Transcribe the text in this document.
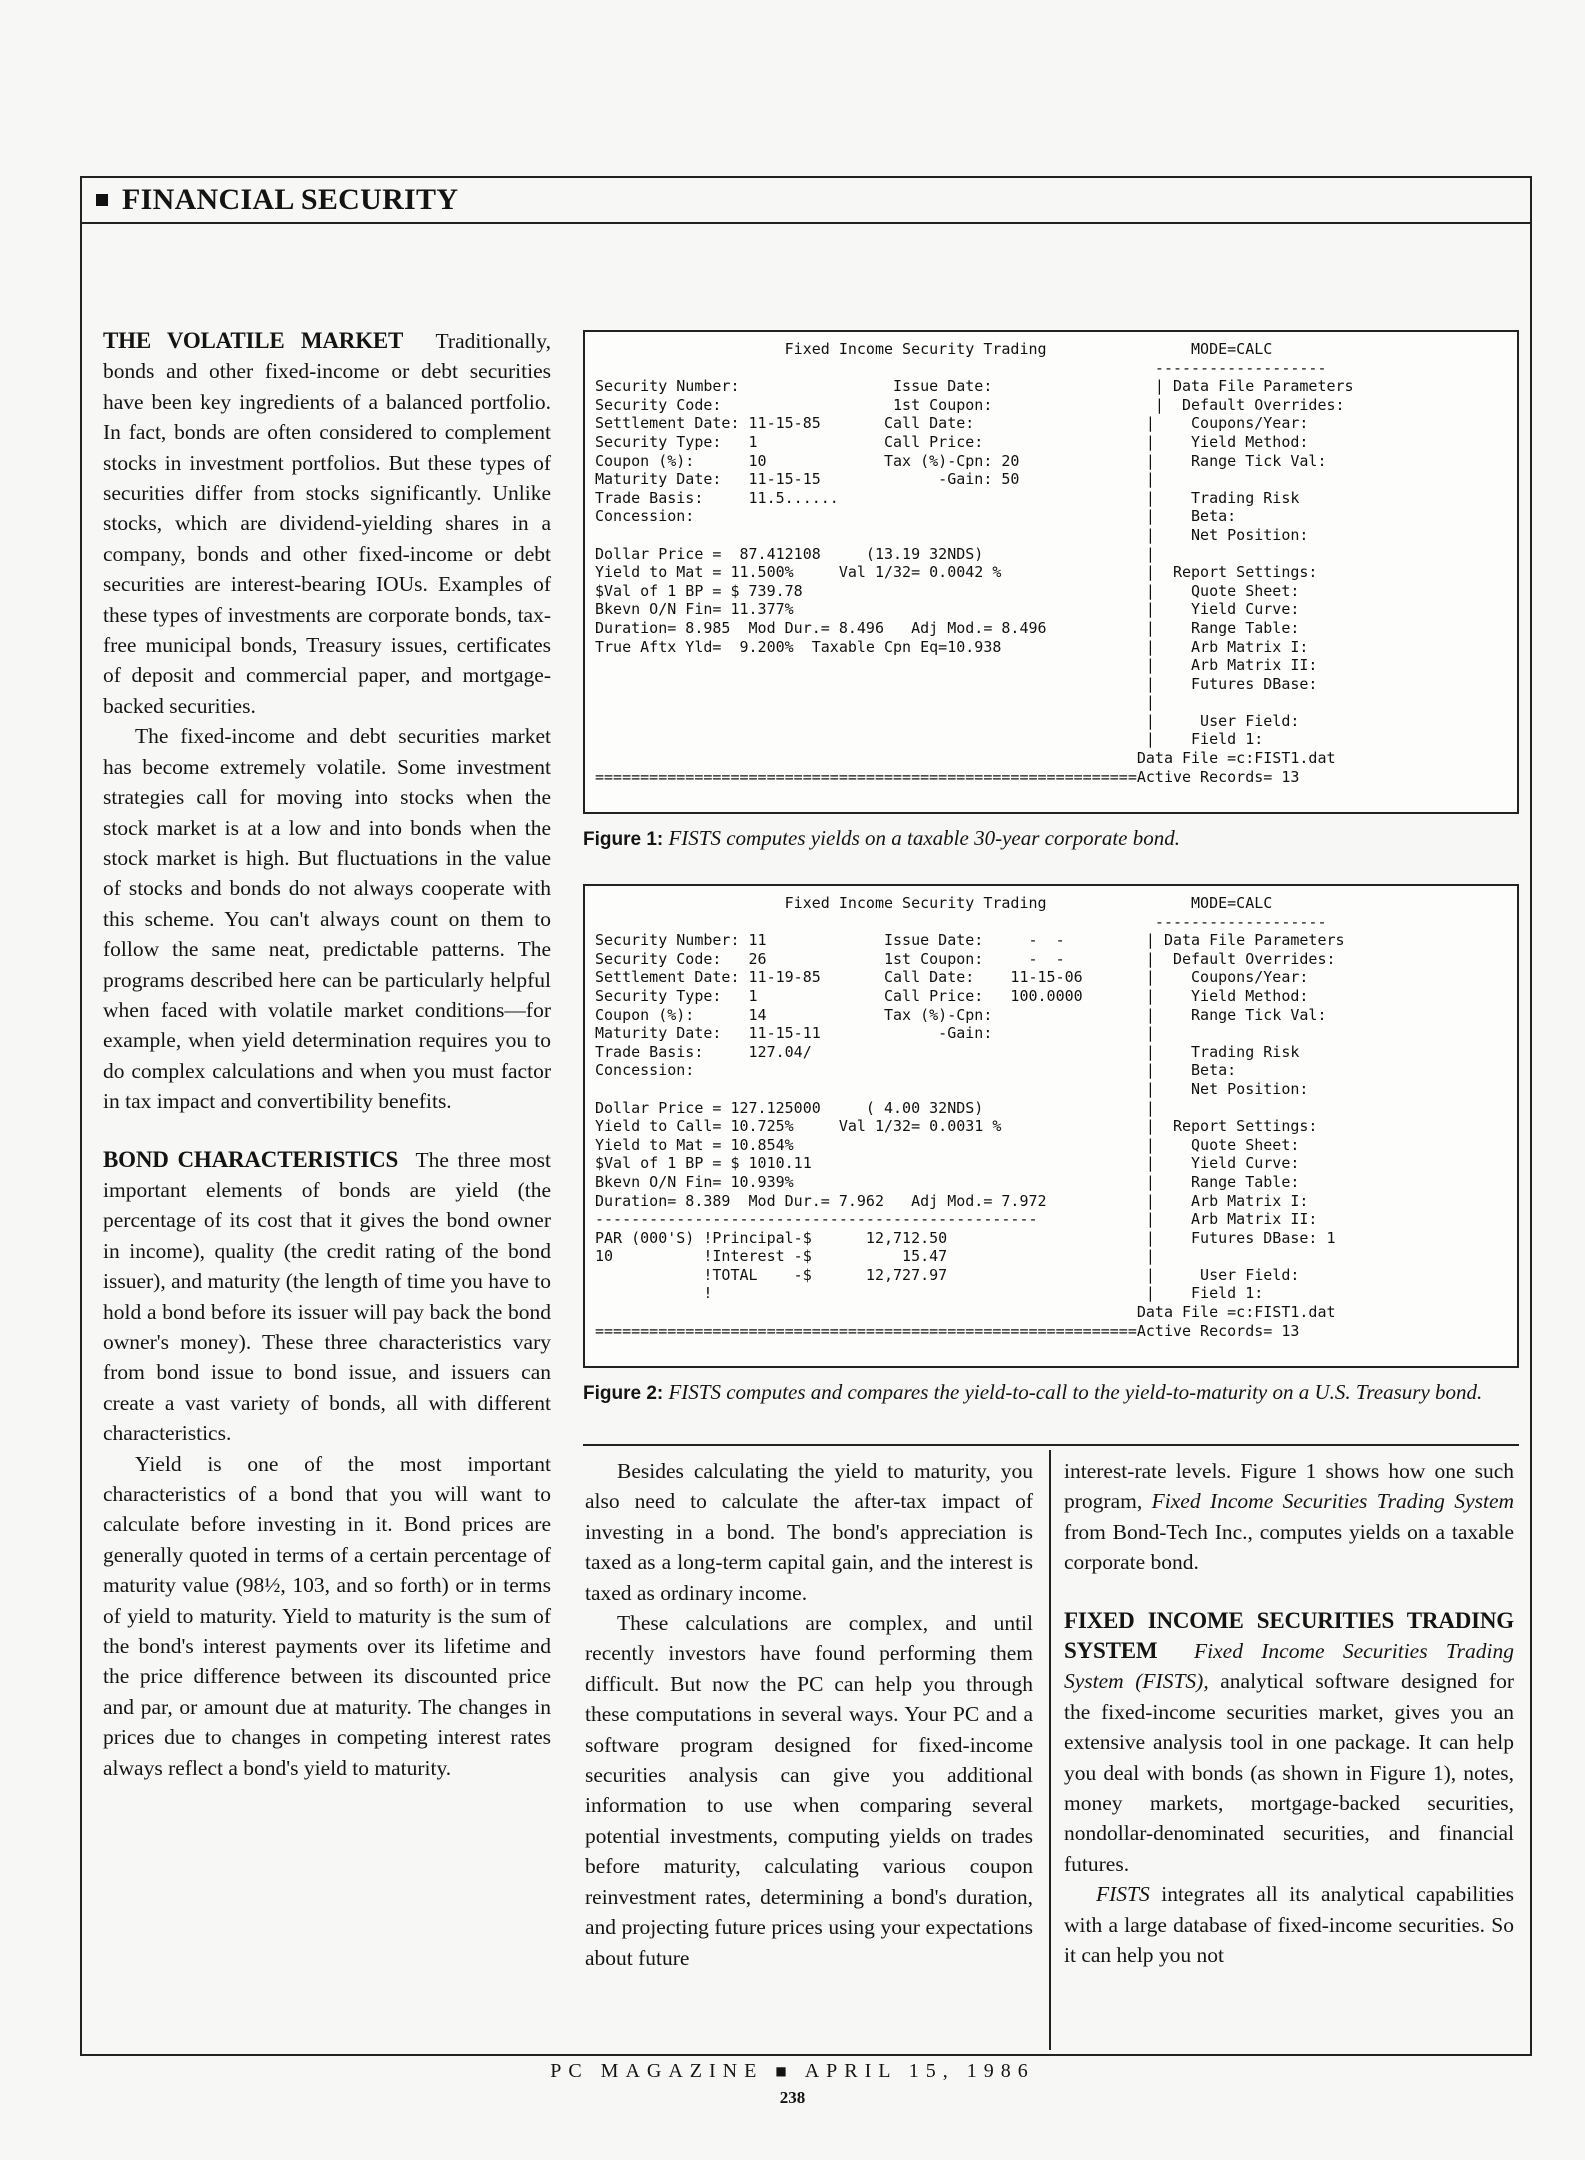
FINANCIAL SECURITY

THE VOLATILE MARKET Traditionally, bonds and other fixed-income or debt securities have been key ingredients of a balanced portfolio. In fact, bonds are often considered to complement stocks in investment portfolios. But these types of securities differ from stocks significantly. Unlike stocks, which are dividend-yielding shares in a company, bonds and other fixed-income or debt securities are interest-bearing IOUs. Examples of these types of investments are corporate bonds, tax-free municipal bonds, Treasury issues, certificates of deposit and commercial paper, and mortgage-backed securities.

The fixed-income and debt securities market has become extremely volatile. Some investment strategies call for moving into stocks when the stock market is at a low and into bonds when the stock market is high. But fluctuations in the value of stocks and bonds do not always cooperate with this scheme. You can't always count on them to follow the same neat, predictable patterns. The programs described here can be particularly helpful when faced with volatile market conditions—for example, when yield determination requires you to do complex calculations and when you must factor in tax impact and convertibility benefits.

BOND CHARACTERISTICS The three most important elements of bonds are yield (the percentage of its cost that it gives the bond owner in income), quality (the credit rating of the bond issuer), and maturity (the length of time you have to hold a bond before its issuer will pay back the bond owner's money). These three characteristics vary from bond issue to bond issue, and issuers can create a vast variety of bonds, all with different characteristics.

Yield is one of the most important characteristics of a bond that you will want to calculate before investing in it. Bond prices are generally quoted in terms of a certain percentage of maturity value (98½, 103, and so forth) or in terms of yield to maturity. Yield to maturity is the sum of the bond's interest payments over its lifetime and the price difference between its discounted price and par, or amount due at maturity. The changes in prices due to changes in competing interest rates always reflect a bond's yield to maturity.

Fixed Income Security Trading                MODE=CALC
-------------------
Security Number:                 Issue Date:                  | Data File Parameters
Security Code:                   1st Coupon:                  |  Default Overrides:
Settlement Date: 11-15-85       Call Date:                   |    Coupons/Year:
Security Type:   1              Call Price:                  |    Yield Method:
Coupon (%):      10             Tax (%)-Cpn: 20              |    Range Tick Val:
Maturity Date:   11-15-15             -Gain: 50              |
Trade Basis:     11.5......                                  |    Trading Risk
Concession:                                                  |    Beta:
|    Net Position:
Dollar Price =  87.412108     (13.19 32NDS)                  |
Yield to Mat = 11.500%     Val 1/32= 0.0042 %                |  Report Settings:
$Val of 1 BP = $ 739.78                                      |    Quote Sheet:
Bkevn O/N Fin= 11.377%                                       |    Yield Curve:
Duration= 8.985  Mod Dur.= 8.496   Adj Mod.= 8.496           |    Range Table:
True Aftx Yld=  9.200%  Taxable Cpn Eq=10.938                |    Arb Matrix I:
|    Arb Matrix II:
|    Futures DBase:
|
|     User Field:
|    Field 1:
Data File =c:FIST1.dat
============================================================Active Records= 13
Figure 1: FISTS computes yields on a taxable 30-year corporate bond.
Fixed Income Security Trading                MODE=CALC
-------------------
Security Number: 11             Issue Date:     -  -         | Data File Parameters
Security Code:   26             1st Coupon:     -  -         |  Default Overrides:
Settlement Date: 11-19-85       Call Date:    11-15-06       |    Coupons/Year:
Security Type:   1              Call Price:   100.0000       |    Yield Method:
Coupon (%):      14             Tax (%)-Cpn:                 |    Range Tick Val:
Maturity Date:   11-15-11             -Gain:                 |
Trade Basis:     127.04/                                     |    Trading Risk
Concession:                                                  |    Beta:
|    Net Position:
Dollar Price = 127.125000     ( 4.00 32NDS)                  |
Yield to Call= 10.725%     Val 1/32= 0.0031 %                |  Report Settings:
Yield to Mat = 10.854%                                       |    Quote Sheet:
$Val of 1 BP = $ 1010.11                                     |    Yield Curve:
Bkevn O/N Fin= 10.939%                                       |    Range Table:
Duration= 8.389  Mod Dur.= 7.962   Adj Mod.= 7.972           |    Arb Matrix I:
-------------------------------------------------            |    Arb Matrix II:
PAR (000'S) !Principal-$      12,712.50                      |    Futures DBase: 1
10          !Interest -$          15.47                      |
!TOTAL    -$      12,727.97                      |     User Field:
!                                                |    Field 1:
Data File =c:FIST1.dat
============================================================Active Records= 13
Figure 2: FISTS computes and compares the yield-to-call to the yield-to-maturity on a U.S. Treasury bond.

Besides calculating the yield to maturity, you also need to calculate the after-tax impact of investing in a bond. The bond's appreciation is taxed as a long-term capital gain, and the interest is taxed as ordinary income.

These calculations are complex, and until recently investors have found performing them difficult. But now the PC can help you through these computations in several ways. Your PC and a software program designed for fixed-income securities analysis can give you additional information to use when comparing several potential investments, computing yields on trades before maturity, calculating various coupon reinvestment rates, determining a bond's duration, and projecting future prices using your expectations about future

interest-rate levels. Figure 1 shows how one such program, Fixed Income Securities Trading System from Bond-Tech Inc., computes yields on a taxable corporate bond.

FIXED INCOME SECURITIES TRADING SYSTEM Fixed Income Securities Trading System (FISTS), analytical software designed for the fixed-income securities market, gives you an extensive analysis tool in one package. It can help you deal with bonds (as shown in Figure 1), notes, money markets, mortgage-backed securities, nondollar-denominated securities, and financial futures.

FISTS integrates all its analytical capabilities with a large database of fixed-income securities. So it can help you not

PC MAGAZINE ■ APRIL 15, 1986
238
